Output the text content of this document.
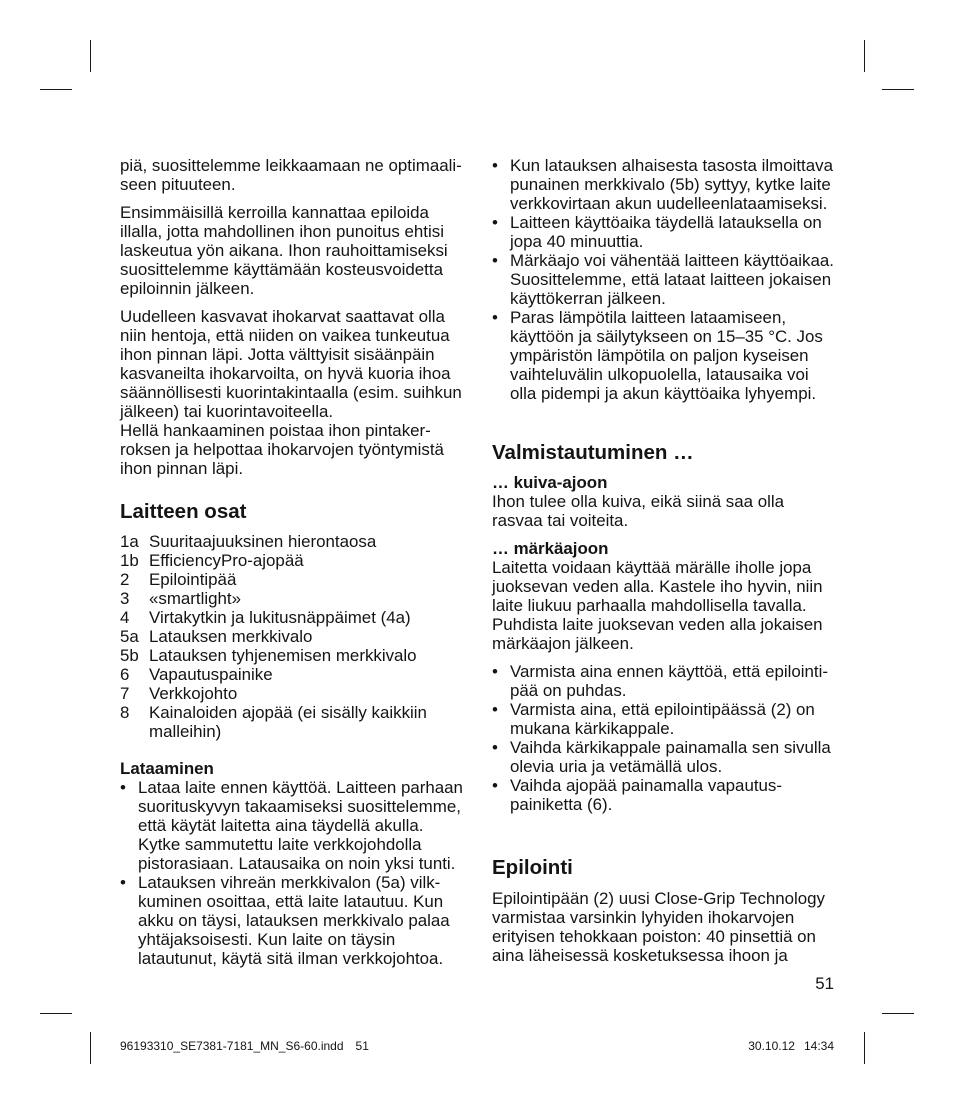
piä, suosittelemme leikkaamaan ne optimaali-
seen pituuteen.
Ensimmäisillä kerroilla kannattaa epiloida
illalla, jotta mahdollinen ihon punoitus ehtisi
laskeutua yön aikana. Ihon rauhoittamiseksi
suosittelemme käyttämään kosteusvoidetta
epiloinnin jälkeen.
Uudelleen kasvavat ihokarvat saattavat olla
niin hentoja, että niiden on vaikea tunkeutua
ihon pinnan läpi. Jotta välttyisit sisäänpäin
kasvaneilta ihokarvoilta, on hyvä kuoria ihoa
säännöllisesti kuorintakintaalla (esim. suihkun
jälkeen) tai kuorintavoiteella.
Hellä hankaaminen poistaa ihon pintaker-
roksen ja helpottaa ihokarvojen työntymistä
ihon pinnan läpi.
Laitteen osat
1a Suuritaajuuksinen hierontaosa
1b EfficiencyPro-ajopää
2	Epilointipää
3	«smartlight»
4	Virtakytkin ja lukitusnäppäimet (4a)
5a Latauksen merkkivalo
5b Latauksen tyhjenemisen merkkivalo
6	Vapautuspainike
7	Verkkojohto
8	Kainaloiden ajopää (ei sisälly kaikkiin
malleihin)
Lataaminen
• Lataa laite ennen käyttöä. Laitteen parhaan
suorituskyvyn takaamiseksi suosittelemme,
että käytät laitetta aina täydellä akulla.
Kytke sammutettu laite verkkojohdolla
pistorasiaan. Latausaika on noin yksi tunti.
• Latauksen vihreän merkkivalon (5a) vilk-
kuminen osoittaa, että laite latautuu. Kun
akku on täysi, latauksen merkkivalo palaa
yhtäjaksoisesti. Kun laite on täysin
latautunut, käytä sitä ilman verkkojohtoa.
• Kun latauksen alhaisesta tasosta ilmoittava
punainen merkkivalo (5b) syttyy, kytke laite
verkkovirtaan akun uudelleenlataamiseksi.
• Laitteen käyttöaika täydellä latauksella on
jopa 40 minuuttia.
• Märkäajo voi vähentää laitteen käyttöaikaa.
Suosittelemme, että lataat laitteen jokaisen
käyttökerran jälkeen.
• Paras lämpötila laitteen lataamiseen,
käyttöön ja säilytykseen on 15–35 °C. Jos
ympäristön lämpötila on paljon kyseisen
vaihteluvälin ulkopuolella, latausaika voi
olla pidempi ja akun käyttöaika lyhyempi.
Valmistautuminen …
… kuiva-ajoon
Ihon tulee olla kuiva, eikä siinä saa olla
rasvaa tai voiteita.
… märkäajoon
Laitetta voidaan käyttää märälle iholle jopa
juoksevan veden alla. Kastele iho hyvin, niin
laite liukuu parhaalla mahdollisella tavalla.
Puhdista laite juoksevan veden alla jokaisen
märkäajon jälkeen.
• Varmista aina ennen käyttöä, että epilointi-
pää on puhdas.
• Varmista aina, että epilointipäässä (2) on
mukana kärkikappale.
• Vaihda kärkikappale painamalla sen sivulla
olevia uria ja vetämällä ulos.
• Vaihda ajopää painamalla vapautus-
painiketta (6).
Epilointi
Epilointipään (2) uusi Close-Grip Technology
varmistaa varsinkin lyhyiden ihokarvojen
erityisen tehokkaan poiston: 40 pinsettiä on
aina läheisessä kosketuksessa ihoon ja
51
96193310_SE7381-7181_MN_S6-60.indd 51	30.10.12 14:34
